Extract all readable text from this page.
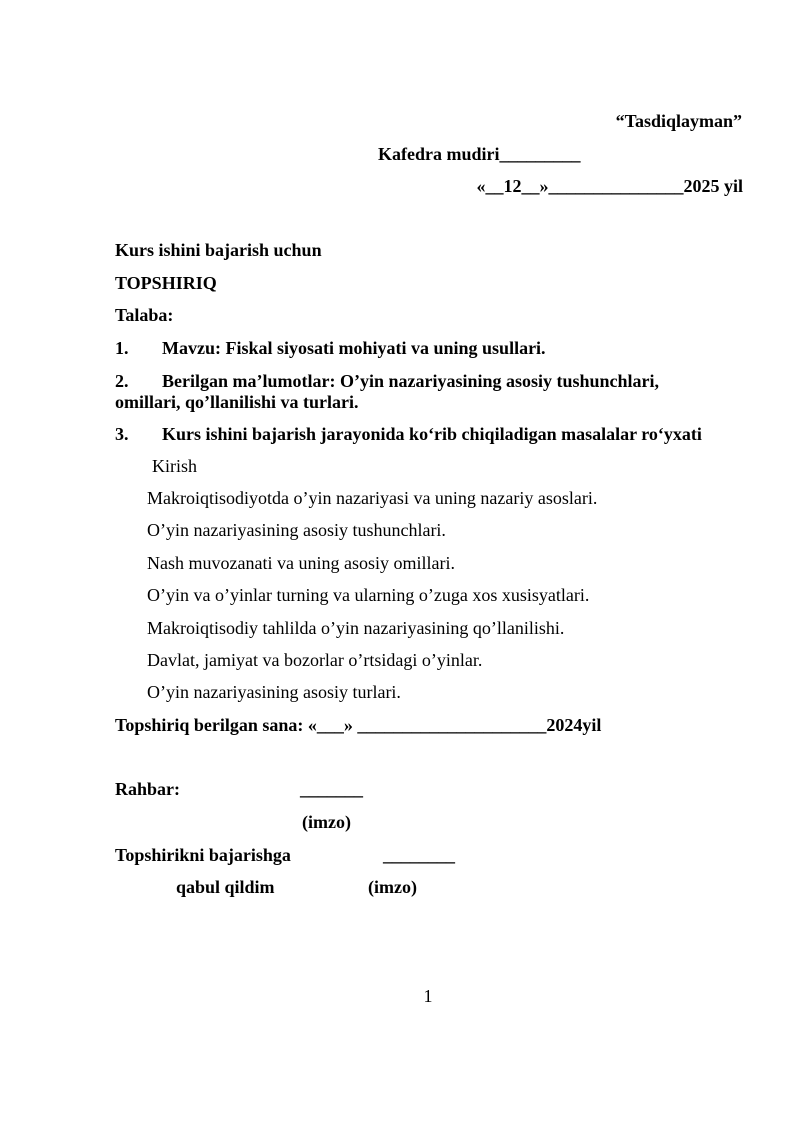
“Tasdiqlayman”
Kafedra mudiri_________
«__12__»_______________2025 yil
Kurs ishini bajarish uchun
TOPSHIRIQ
Talaba:
1. Mavzu: Fiskal siyosati mohiyati va uning usullari.
2. Berilgan ma’lumotlar: O’yin nazariyasining asosiy tushunchlari,
omillari, qo’llanilishi va turlari.
3. Kurs ishini bajarish jarayonida ko‘rib chiqiladigan masalalar ro‘yxati
Kirish
Makroiqtisodiyotda o’yin nazariyasi va uning nazariy asoslari.
O’yin nazariyasining asosiy tushunchlari.
Nash muvozanati va uning asosiy omillari.
O’yin va o’yinlar turning va ularning o’zuga xos xusisyatlari.
Makroiqtisodiy tahlilda o’yin nazariyasining qo’llanilishi.
Davlat, jamiyat va bozorlar o’rtsidagi o’yinlar.
O’yin nazariyasining asosiy turlari.
Topshiriq berilgan sana: «___» _____________________2024yil
Rahbar:	_______
(imzo)
Topshirikni bajarishga	________
qabul qildim	(imzo)
1
